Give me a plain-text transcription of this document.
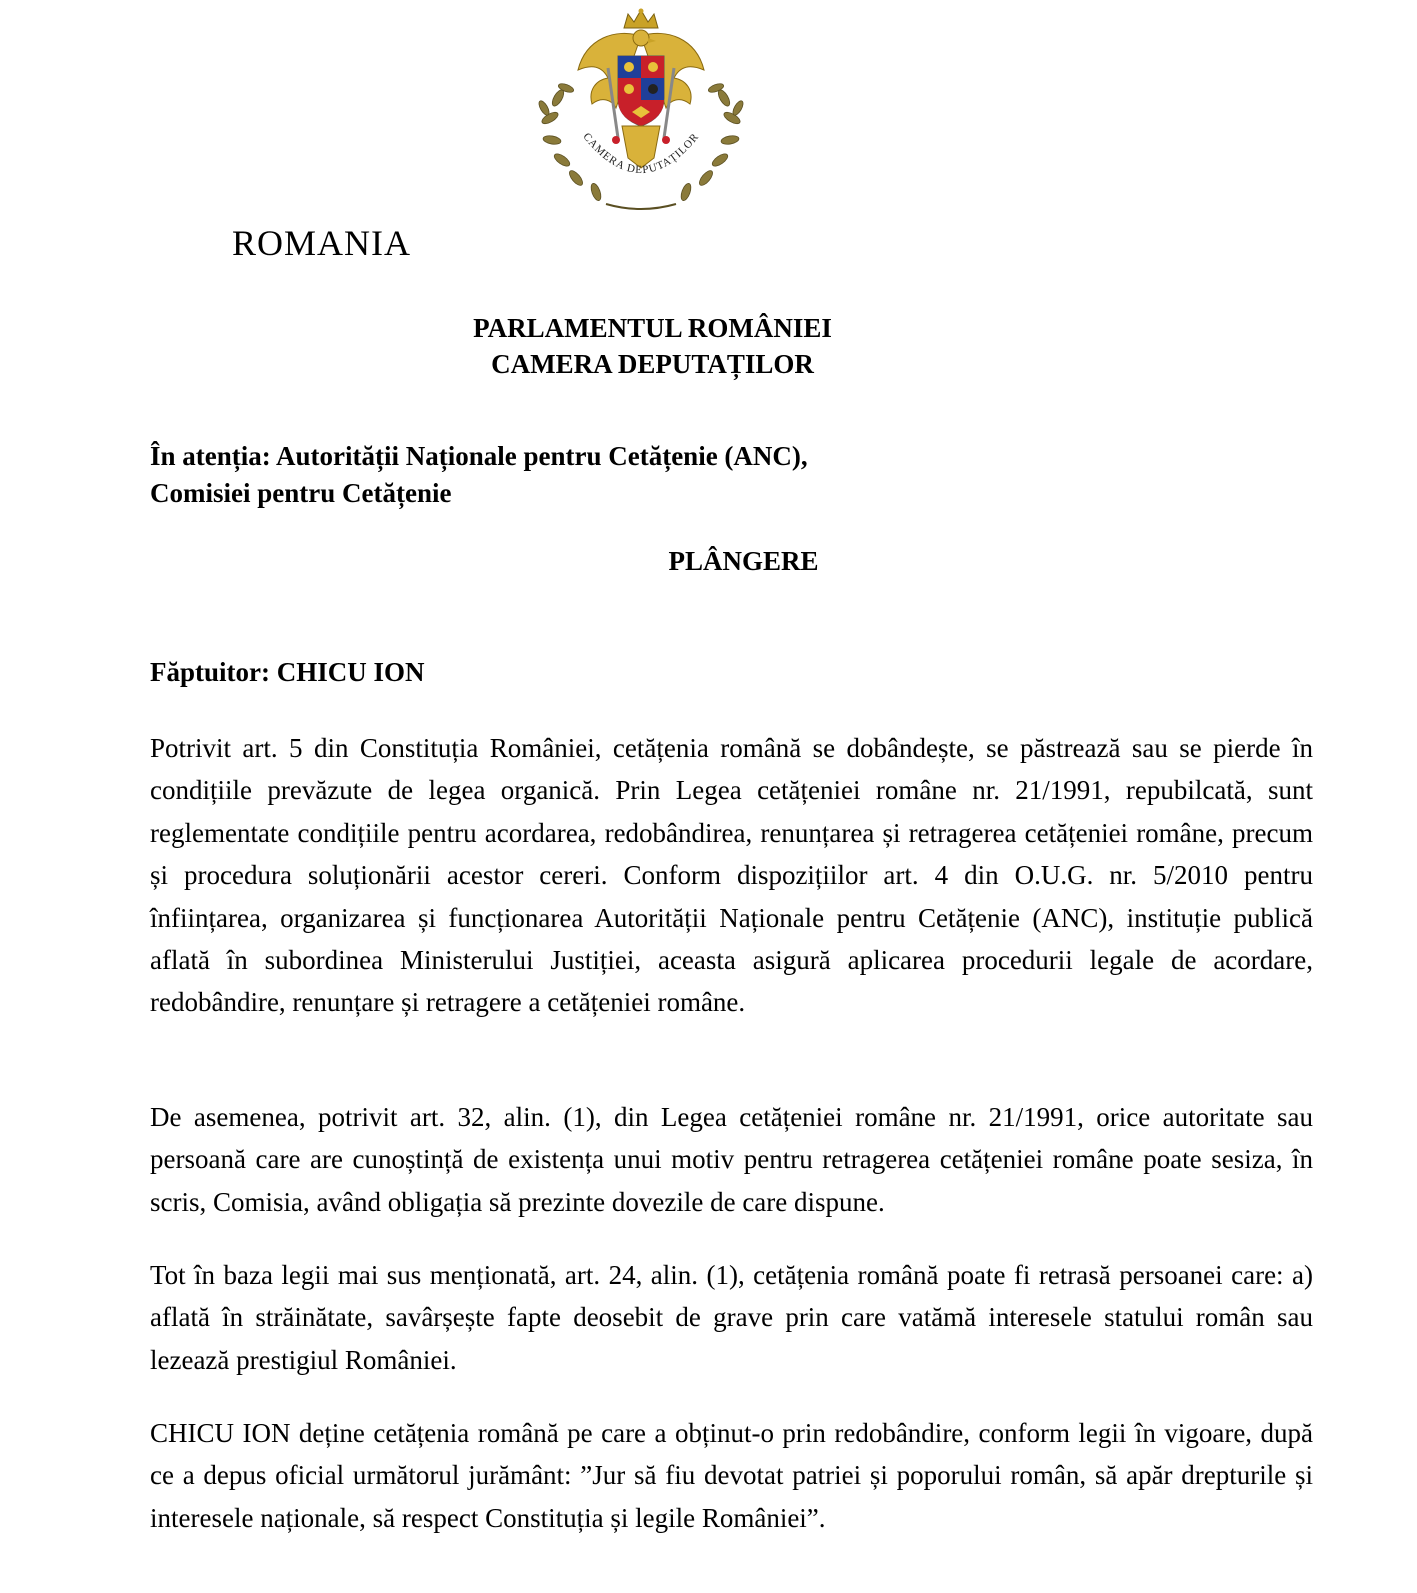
CAMERA DEPUTAȚILOR
ROMANIA
PARLAMENTUL ROMÂNIEI
CAMERA DEPUTAȚILOR
În atenția: Autorității Naționale pentru Cetățenie (ANC),
Comisiei pentru Cetățenie
PLÂNGERE
Făptuitor: CHICU ION
Potrivit art. 5 din Constituția României, cetățenia română se dobândește, se păstrează sau se pierde în condițiile prevăzute de legea organică. Prin Legea cetățeniei române nr. 21/1991, repubilcată, sunt reglementate condițiile pentru acordarea, redobândirea, renunțarea și retragerea cetățeniei române, precum și procedura soluționării acestor cereri. Conform dispozițiilor art. 4 din O.U.G. nr. 5/2010 pentru înființarea, organizarea și funcționarea Autorității Naționale pentru Cetățenie (ANC), instituție publică aflată în subordinea Ministerului Justiției, aceasta asigură aplicarea procedurii legale de acordare, redobândire, renunțare și retragere a cetățeniei române.
De asemenea, potrivit art. 32, alin. (1), din Legea cetățeniei române nr. 21/1991, orice autoritate sau persoană care are cunoștință de existența unui motiv pentru retragerea cetățeniei române poate sesiza, în scris, Comisia, având obligația să prezinte dovezile de care dispune.
Tot în baza legii mai sus menționată, art. 24, alin. (1), cetățenia română poate fi retrasă persoanei care: a) aflată în străinătate, savârșește fapte deosebit de grave prin care vatămă interesele statului român sau lezează prestigiul României.
CHICU ION deține cetățenia română pe care a obținut-o prin redobândire, conform legii în vigoare, după ce a depus oficial următorul jurământ: ”Jur să fiu devotat patriei și poporului român, să apăr drepturile și interesele naționale, să respect Constituția și legile României”.
